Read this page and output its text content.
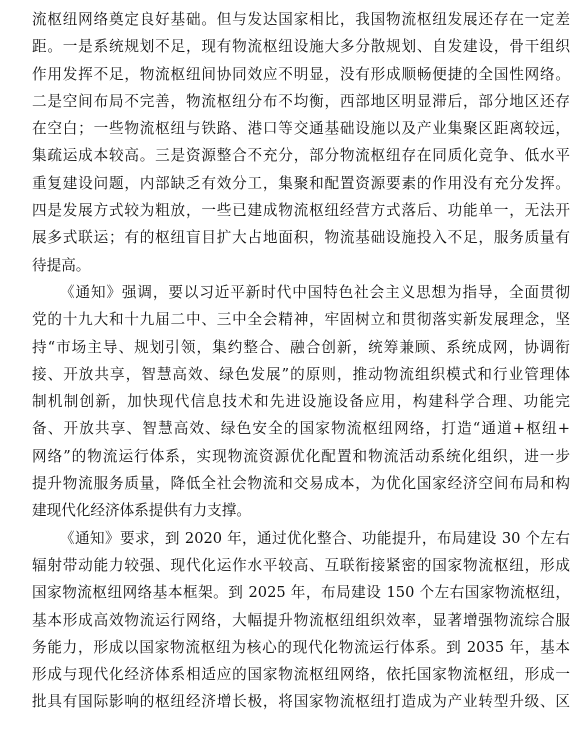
流枢纽网络奠定良好基础。但与发达国家相比，我国物流枢纽发展还存在一定差
距。一是系统规划不足，现有物流枢纽设施大多分散规划、自发建设，骨干组织
作用发挥不足，物流枢纽间协同效应不明显，没有形成顺畅便捷的全国性网络。
二是空间布局不完善，物流枢纽分布不均衡，西部地区明显滞后，部分地区还存
在空白；一些物流枢纽与铁路、港口等交通基础设施以及产业集聚区距离较远，
集疏运成本较高。三是资源整合不充分，部分物流枢纽存在同质化竞争、低水平
重复建设问题，内部缺乏有效分工，集聚和配置资源要素的作用没有充分发挥。
四是发展方式较为粗放，一些已建成物流枢纽经营方式落后、功能单一，无法开
展多式联运；有的枢纽盲目扩大占地面积，物流基础设施投入不足，服务质量有
待提高。
《通知》强调，要以习近平新时代中国特色社会主义思想为指导，全面贯彻
党的十九大和十九届二中、三中全会精神，牢固树立和贯彻落实新发展理念，坚
持“市场主导、规划引领，集约整合、融合创新，统筹兼顾、系统成网，协调衔
接、开放共享，智慧高效、绿色发展”的原则，推动物流组织模式和行业管理体
制机制创新，加快现代信息技术和先进设施设备应用，构建科学合理、功能完
备、开放共享、智慧高效、绿色安全的国家物流枢纽网络，打造“通道+枢纽+
网络”的物流运行体系，实现物流资源优化配置和物流活动系统化组织，进一步
提升物流服务质量，降低全社会物流和交易成本，为优化国家经济空间布局和构
建现代化经济体系提供有力支撑。
《通知》要求，到 2020 年，通过优化整合、功能提升，布局建设 30 个左右
辐射带动能力较强、现代化运作水平较高、互联衔接紧密的国家物流枢纽，形成
国家物流枢纽网络基本框架。到 2025 年，布局建设 150 个左右国家物流枢纽，
基本形成高效物流运行网络，大幅提升物流枢纽组织效率，显著增强物流综合服
务能力，形成以国家物流枢纽为核心的现代化物流运行体系。到 2035 年，基本
形成与现代化经济体系相适应的国家物流枢纽网络，依托国家物流枢纽，形成一
批具有国际影响的枢纽经济增长极，将国家物流枢纽打造成为产业转型升级、区
